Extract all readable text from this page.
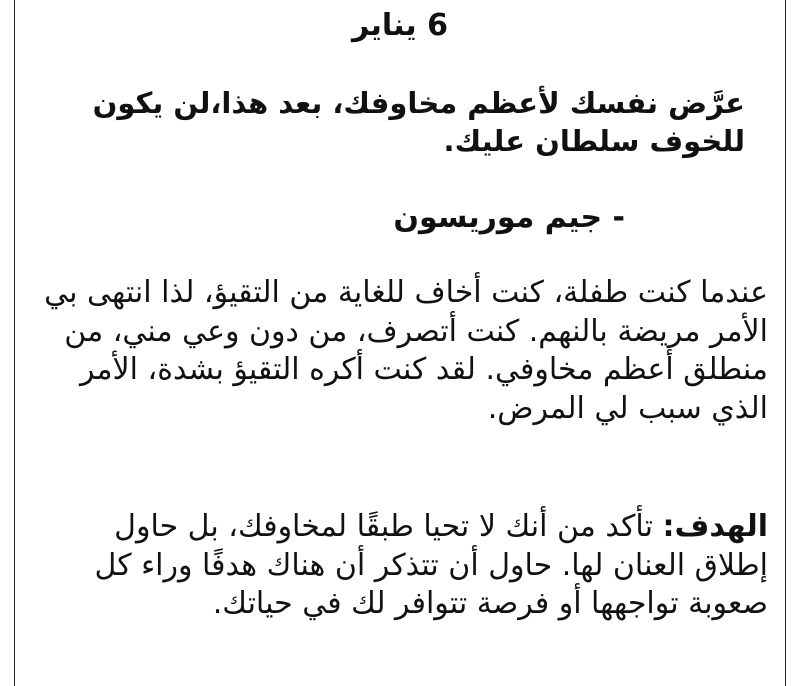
6 يناير
عرَّض نفسك لأعظم مخاوفك، بعد هذا،لن يكون للخوف سلطان عليك.
- جيم موريسون
عندما كنت طفلة، كنت أخاف للغاية من التقيؤ، لذا انتهى بي الأمر مريضة بالنهم. كنت أتصرف، من دون وعي مني، من منطلق أعظم مخاوفي. لقد كنت أكره التقيؤ بشدة، الأمر الذي سبب لي المرض.
الهدف: تأكد من أنك لا تحيا طبقًا لمخاوفك، بل حاول إطلاق العنان لها. حاول أن تتذكر أن هناك هدفًا وراء كل صعوبة تواجهها أو فرصة تتوافر لك في حياتك.
